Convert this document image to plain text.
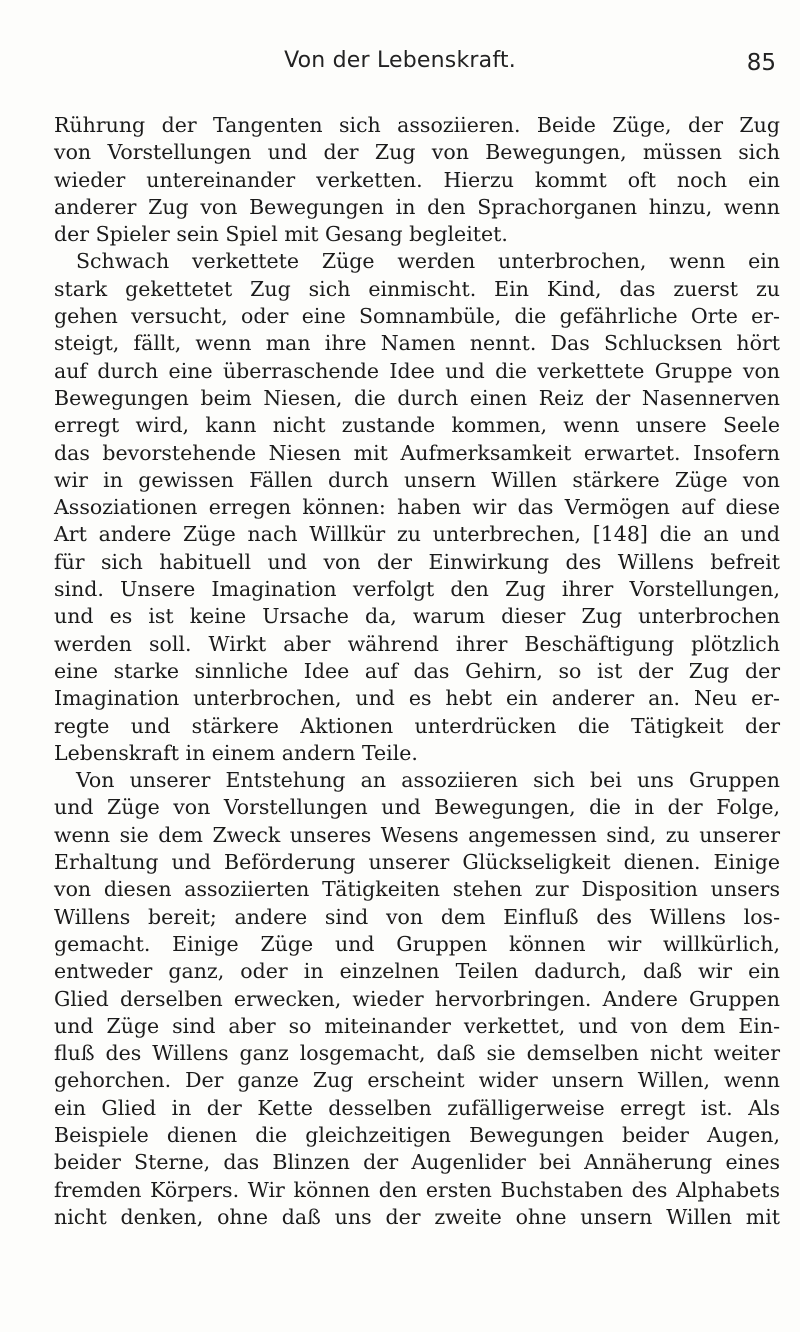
Von der Lebenskraft.	85
Rührung der Tangenten sich assoziieren. Beide Züge, der Zug
von Vorstellungen und der Zug von Bewegungen, müssen sich
wieder untereinander verketten. Hierzu kommt oft noch ein
anderer Zug von Bewegungen in den Sprachorganen hinzu, wenn
der Spieler sein Spiel mit Gesang begleitet.
Schwach verkettete Züge werden unterbrochen, wenn ein
stark gekettetet Zug sich einmischt. Ein Kind, das zuerst zu
gehen versucht, oder eine Somnambüle, die gefährliche Orte er-
steigt, fällt, wenn man ihre Namen nennt. Das Schlucksen hört
auf durch eine überraschende Idee und die verkettete Gruppe von
Bewegungen beim Niesen, die durch einen Reiz der Nasennerven
erregt wird, kann nicht zustande kommen, wenn unsere Seele
das bevorstehende Niesen mit Aufmerksamkeit erwartet. Insofern
wir in gewissen Fällen durch unsern Willen stärkere Züge von
Assoziationen erregen können: haben wir das Vermögen auf diese
Art andere Züge nach Willkür zu unterbrechen, [148] die an und
für sich habituell und von der Einwirkung des Willens befreit
sind. Unsere Imagination verfolgt den Zug ihrer Vorstellungen,
und es ist keine Ursache da, warum dieser Zug unterbrochen
werden soll. Wirkt aber während ihrer Beschäftigung plötzlich
eine starke sinnliche Idee auf das Gehirn, so ist der Zug der
Imagination unterbrochen, und es hebt ein anderer an. Neu er-
regte und stärkere Aktionen unterdrücken die Tätigkeit der
Lebenskraft in einem andern Teile.
Von unserer Entstehung an assoziieren sich bei uns Gruppen
und Züge von Vorstellungen und Bewegungen, die in der Folge,
wenn sie dem Zweck unseres Wesens angemessen sind, zu unserer
Erhaltung und Beförderung unserer Glückseligkeit dienen. Einige
von diesen assoziierten Tätigkeiten stehen zur Disposition unsers
Willens bereit; andere sind von dem Einfluß des Willens los-
gemacht. Einige Züge und Gruppen können wir willkürlich,
entweder ganz, oder in einzelnen Teilen dadurch, daß wir ein
Glied derselben erwecken, wieder hervorbringen. Andere Gruppen
und Züge sind aber so miteinander verkettet, und von dem Ein-
fluß des Willens ganz losgemacht, daß sie demselben nicht weiter
gehorchen. Der ganze Zug erscheint wider unsern Willen, wenn
ein Glied in der Kette desselben zufälligerweise erregt ist. Als
Beispiele dienen die gleichzeitigen Bewegungen beider Augen,
beider Sterne, das Blinzen der Augenlider bei Annäherung eines
fremden Körpers. Wir können den ersten Buchstaben des Alphabets
nicht denken, ohne daß uns der zweite ohne unsern Willen mit
